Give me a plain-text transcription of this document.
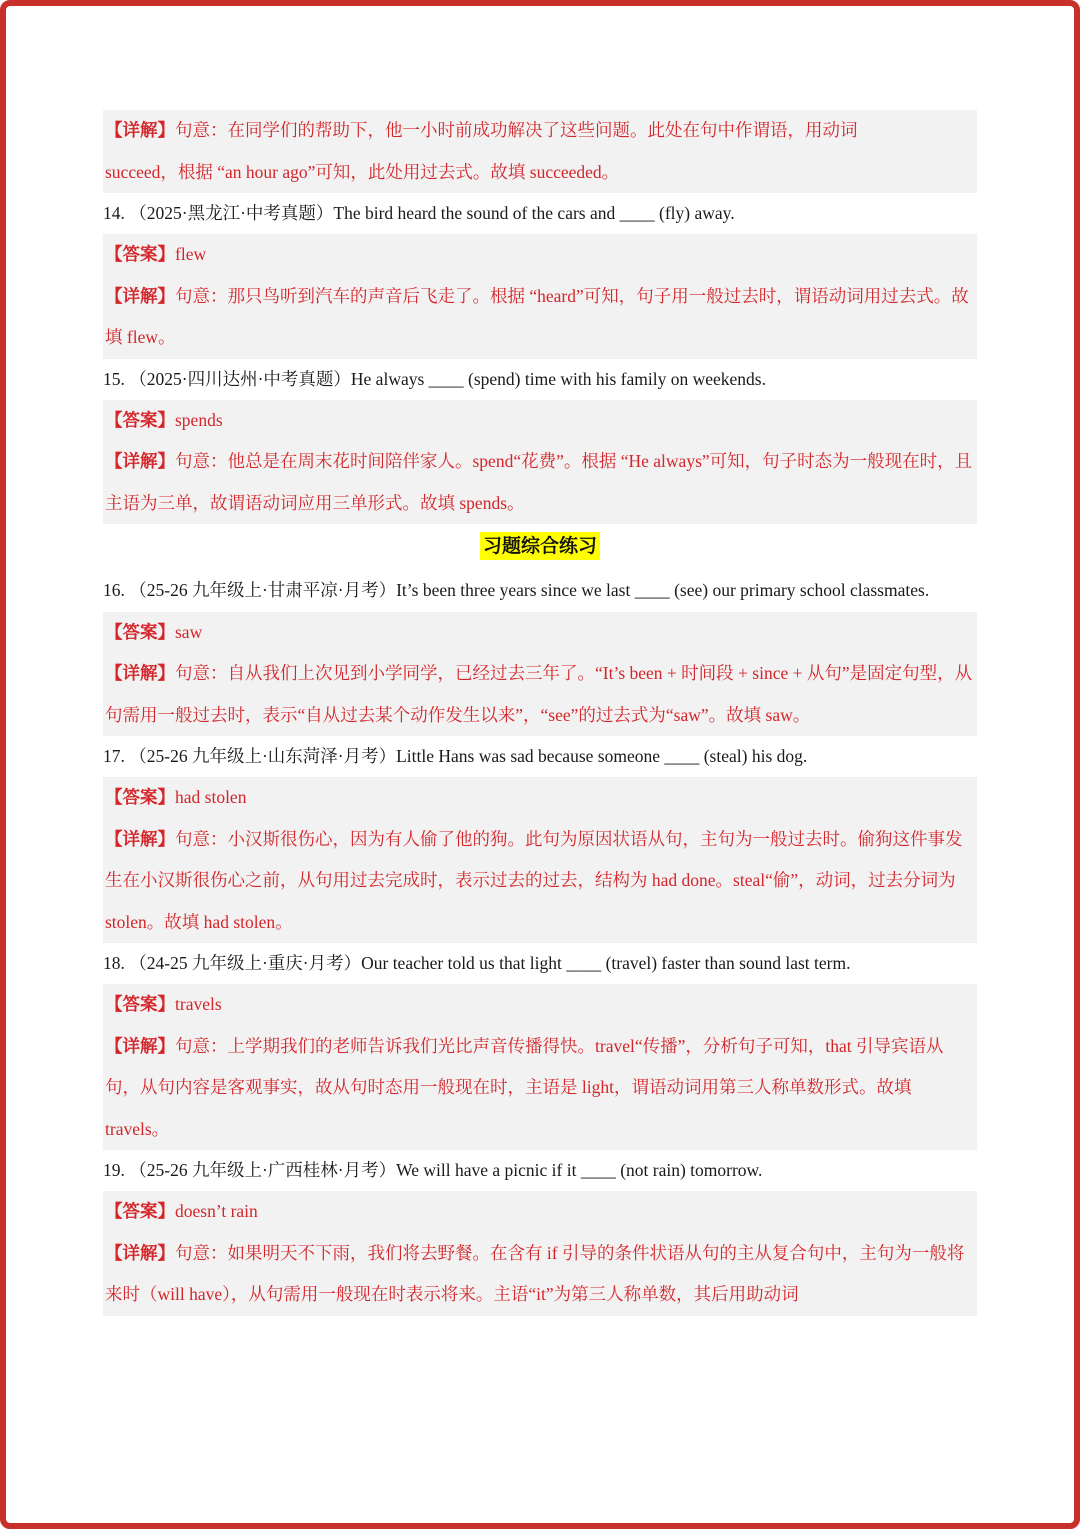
【详解】句意：在同学们的帮助下，他一小时前成功解决了这些问题。此处在句中作谓语，用动词
succeed，根据 “an hour ago”可知，此处用过去式。故填 succeeded。
14. （2025·黑龙江·中考真题）The bird heard the sound of the cars and ____ (fly) away.
【答案】flew
【详解】句意：那只鸟听到汽车的声音后飞走了。根据 “heard”可知，句子用一般过去时，谓语动词用过去式。故填 flew。
15. （2025·四川达州·中考真题）He always ____ (spend) time with his family on weekends.
【答案】spends
【详解】句意：他总是在周末花时间陪伴家人。spend“花费”。根据 “He always”可知，句子时态为一般现在时，且主语为三单，故谓语动词应用三单形式。故填 spends。
习题综合练习
16. （25-26 九年级上·甘肃平凉·月考）It’s been three years since we last ____ (see) our primary school classmates.
【答案】saw
【详解】句意：自从我们上次见到小学同学，已经过去三年了。“It’s been + 时间段 + since + 从句”是固定句型，从句需用一般过去时，表示“自从过去某个动作发生以来”，“see”的过去式为“saw”。故填 saw。
17. （25-26 九年级上·山东菏泽·月考）Little Hans was sad because someone ____ (steal) his dog.
【答案】had stolen
【详解】句意：小汉斯很伤心，因为有人偷了他的狗。此句为原因状语从句，主句为一般过去时。偷狗这件事发生在小汉斯很伤心之前，从句用过去完成时，表示过去的过去，结构为 had done。steal“偷”，动词，过去分词为 stolen。故填 had stolen。
18. （24-25 九年级上·重庆·月考）Our teacher told us that light ____ (travel) faster than sound last term.
【答案】travels
【详解】句意：上学期我们的老师告诉我们光比声音传播得快。travel“传播”，分析句子可知，that 引导宾语从句，从句内容是客观事实，故从句时态用一般现在时，主语是 light，谓语动词用第三人称单数形式。故填 travels。
19. （25-26 九年级上·广西桂林·月考）We will have a picnic if it ____ (not rain) tomorrow.
【答案】doesn’t rain
【详解】句意：如果明天不下雨，我们将去野餐。在含有 if 引导的条件状语从句的主从复合句中，主句为一般将来时（will have），从句需用一般现在时表示将来。主语“it”为第三人称单数，其后用助动词
